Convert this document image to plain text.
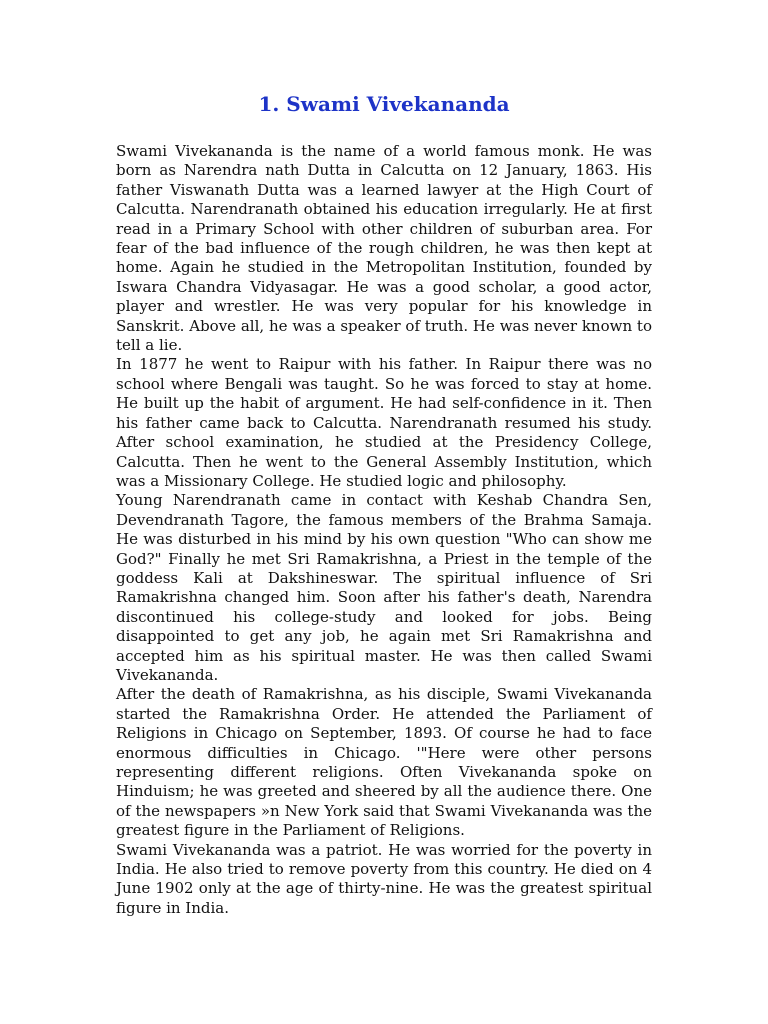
1. Swami Vivekananda

Swami Vivekananda is the name of a world famous monk. He was born as Narendra nath Dutta in Calcutta on 12 January, 1863. His father Viswanath Dutta was a learned lawyer at the High Court of Calcutta. Narendranath obtained his education irregularly. He at first read in a Primary School with other children of suburban area. For fear of the bad influence of the rough children, he was then kept at home. Again he studied in the Metropolitan Institution, founded by Iswara Chandra Vidyasagar. He was a good scholar, a good actor, player and wrestler. He was very popular for his knowledge in Sanskrit. Above all, he was a speaker of truth. He was never known to tell a lie.

In 1877 he went to Raipur with his father. In Raipur there was no school where Bengali was taught. So he was forced to stay at home. He built up the habit of argument. He had self-confidence in it. Then his father came back to Calcutta. Narendranath resumed his study. After school examination, he studied at the Presidency College, Calcutta. Then he went to the General Assembly Institution, which was a Missionary College. He studied logic and philosophy.

Young Narendranath came in contact with Keshab Chandra Sen, Devendranath Tagore, the famous members of the Brahma Samaja. He was disturbed in his mind by his own question "Who can show me God?" Finally he met Sri Ramakrishna, a Priest in the temple of the goddess Kali at Dakshineswar. The spiritual influence of Sri Ramakrishna changed him. Soon after his father's death, Narendra discontinued his college-study and looked for jobs. Being disappointed to get any job, he again met Sri Ramakrishna and accepted him as his spiritual master. He was then called Swami Vivekananda.

After the death of Ramakrishna, as his disciple, Swami Vivekananda started the Ramakrishna Order. He attended the Parliament of Religions in Chicago on September, 1893. Of course he had to face enormous difficulties in Chicago. '"Here were other persons representing different religions. Often Vivekananda spoke on Hinduism; he was greeted and sheered by all the audience there. One of the newspapers »n New York said that Swami Vivekananda was the greatest figure in the Parliament of Religions.

Swami Vivekananda was a patriot. He was worried for the poverty in India. He also tried to remove poverty from this country. He died on 4 June 1902 only at the age of thirty-nine. He was the greatest spiritual figure in India.
